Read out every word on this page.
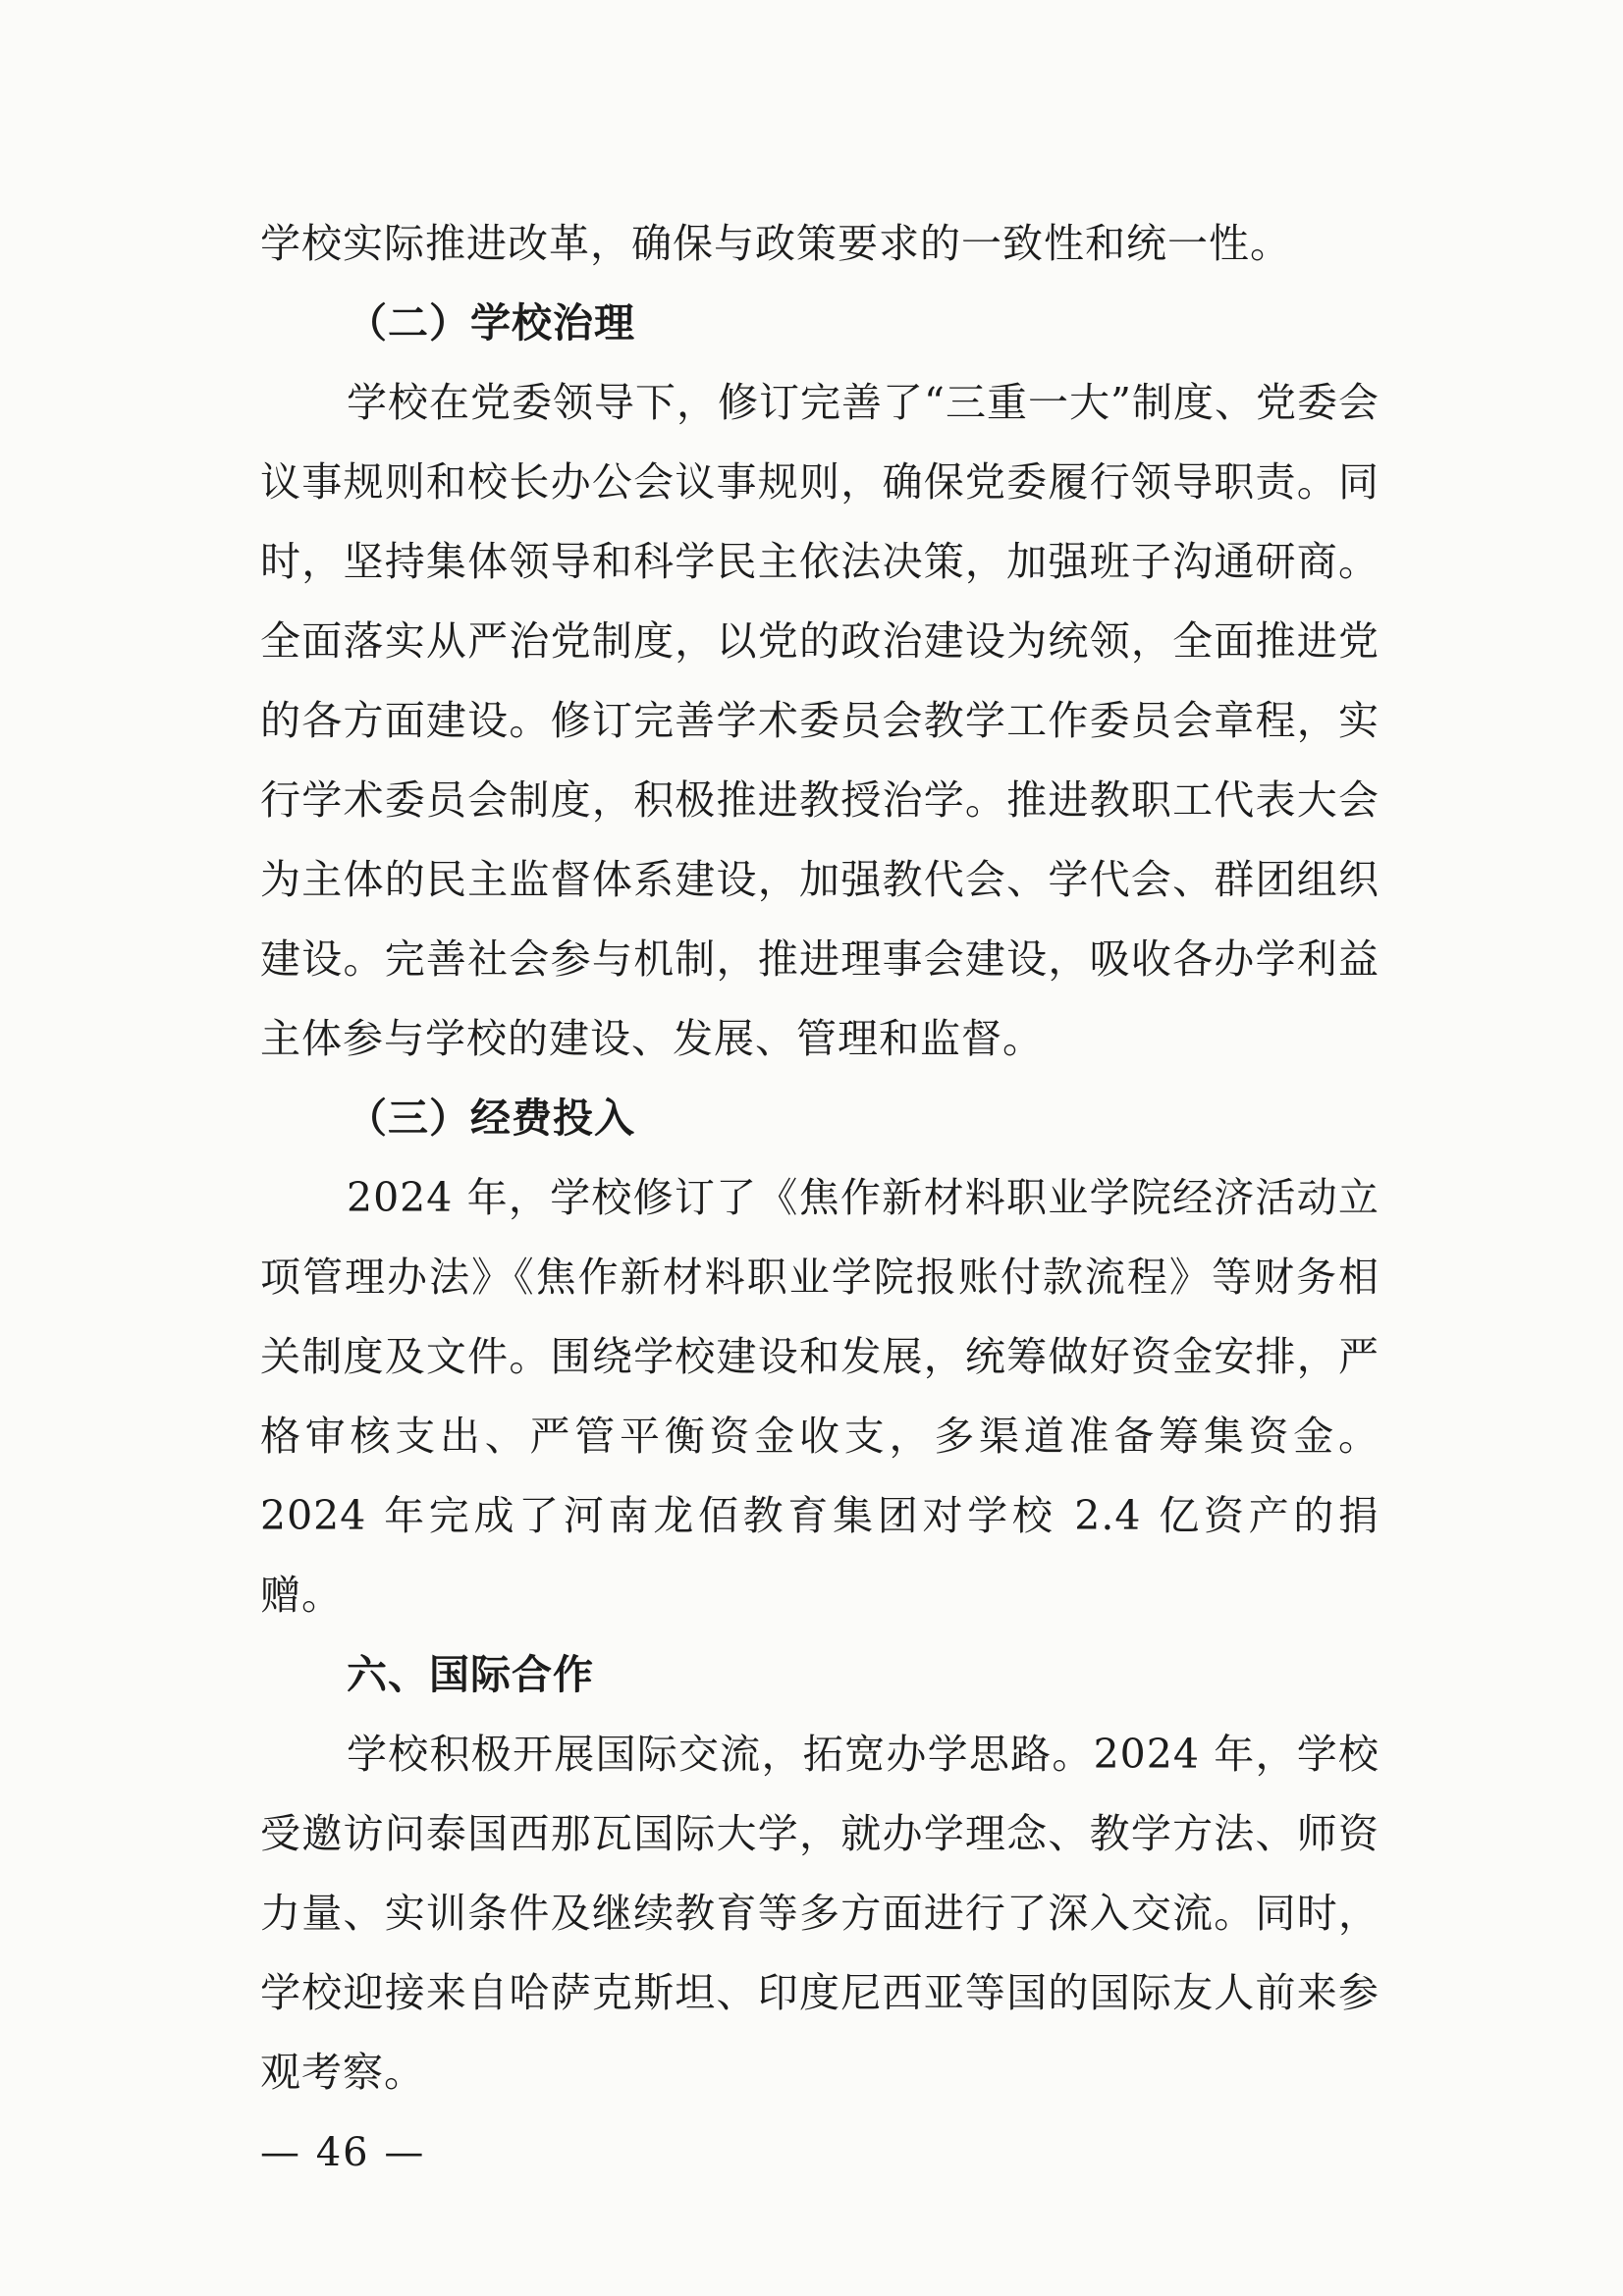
学校实际推进改革，确保与政策要求的一致性和统一性。

（二）学校治理

学校在党委领导下，修订完善了“三重一大”制度、党委会议事规则和校长办公会议事规则，确保党委履行领导职责。同时，坚持集体领导和科学民主依法决策，加强班子沟通研商。全面落实从严治党制度，以党的政治建设为统领，全面推进党的各方面建设。修订完善学术委员会教学工作委员会章程，实行学术委员会制度，积极推进教授治学。推进教职工代表大会为主体的民主监督体系建设，加强教代会、学代会、群团组织建设。完善社会参与机制，推进理事会建设，吸收各办学利益主体参与学校的建设、发展、管理和监督。

（三）经费投入

2024 年，学校修订了《焦作新材料职业学院经济活动立项管理办法》《焦作新材料职业学院报账付款流程》等财务相关制度及文件。围绕学校建设和发展，统筹做好资金安排，严格审核支出、严管平衡资金收支，多渠道准备筹集资金。2024 年完成了河南龙佰教育集团对学校 2.4 亿资产的捐赠。

六、国际合作

学校积极开展国际交流，拓宽办学思路。2024 年，学校受邀访问泰国西那瓦国际大学，就办学理念、教学方法、师资力量、实训条件及继续教育等多方面进行了深入交流。同时，学校迎接来自哈萨克斯坦、印度尼西亚等国的国际友人前来参观考察。

— 46 —
